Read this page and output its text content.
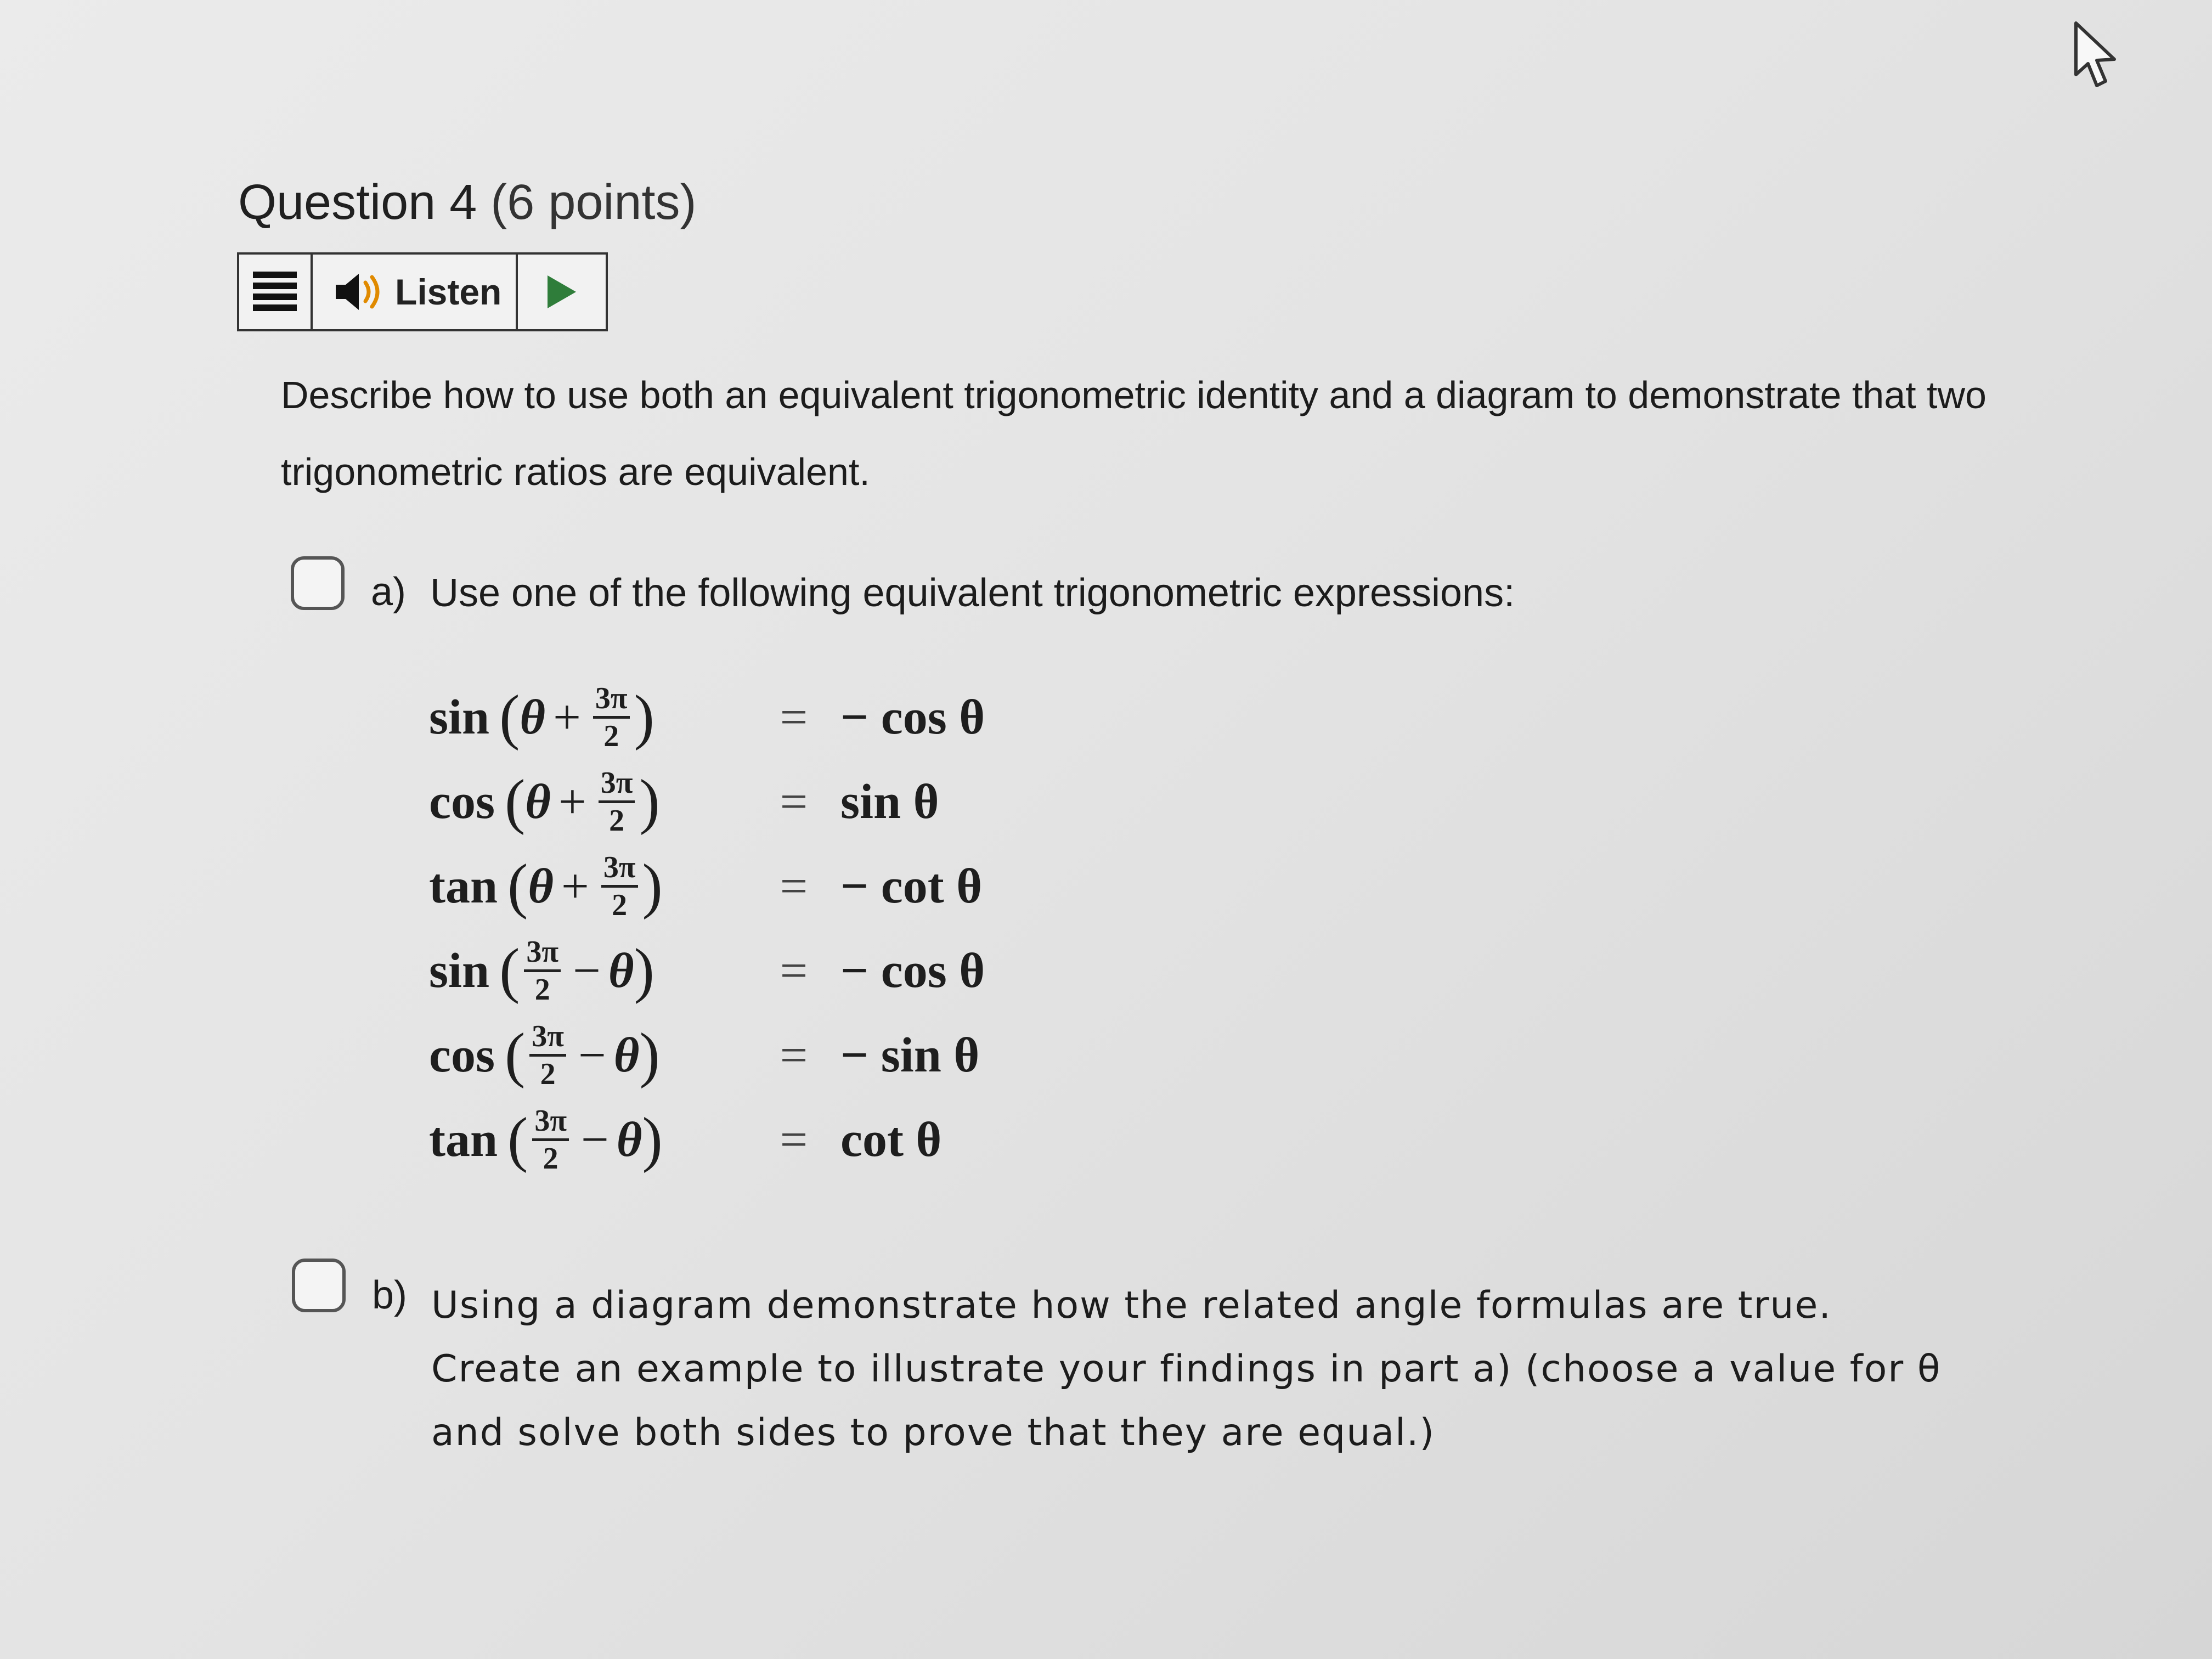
Question 4 (6 points)
Listen
Describe how to use both an equivalent trigonometric identity and a diagram to demonstrate that two trigonometric ratios are equivalent.
a) Use one of the following equivalent trigonometric expressions:
sin ( $\theta + \frac{3\pi}{2}$ )	= − cos θ
cos ( $\theta + \frac{3\pi}{2}$ )	= sin θ
tan ( $\theta + \frac{3\pi}{2}$ )	= − cot θ
sin ( $\frac{3\pi}{2} - \theta$ )	= − cos θ
cos ( $\frac{3\pi}{2} - \theta$ )	= − sin θ
tan ( $\frac{3\pi}{2} - \theta$ )	= cot θ
b) Using a diagram demonstrate how the related angle formulas are true. Create an example to illustrate your findings in part a) (choose a value for θ and solve both sides to prove that they are equal.)
